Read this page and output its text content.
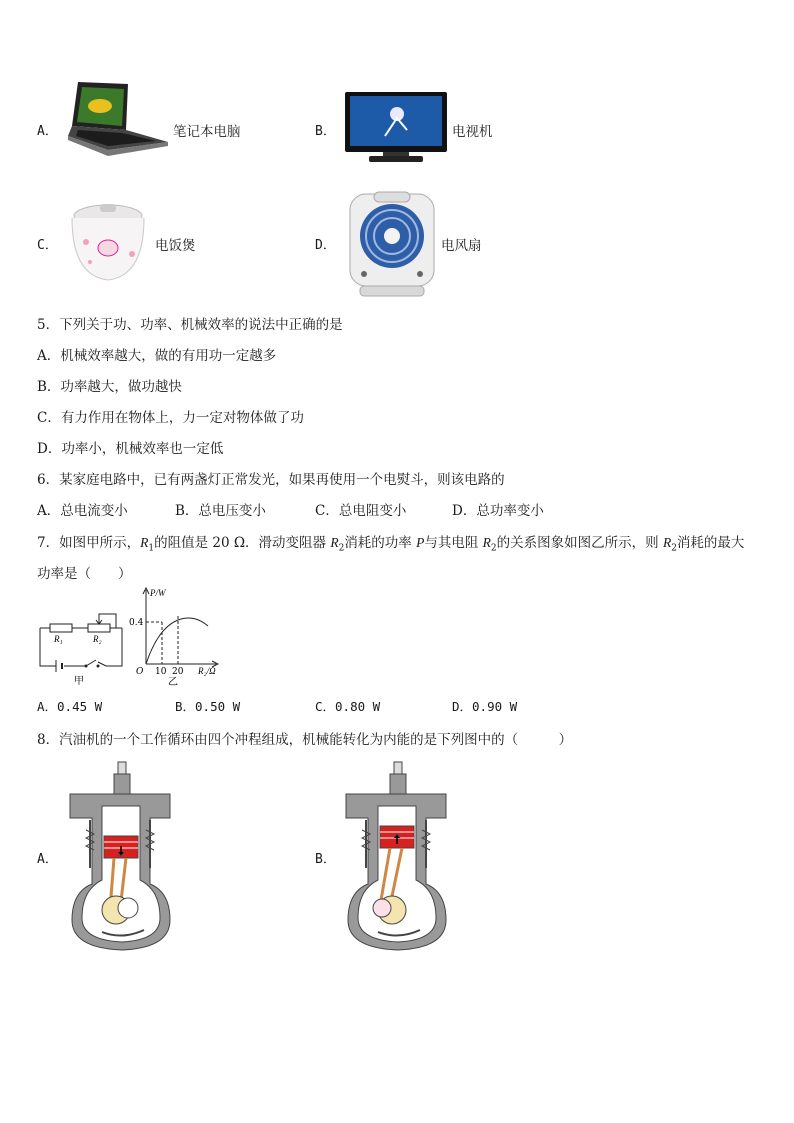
A．	笔记本电脑	B．	电视机
C．	电饭煲	D．	电风扇
5．下列关于功、功率、机械效率的说法中正确的是
A．机械效率越大，做的有用功一定越多
B．功率越大，做功越快
C．有力作用在物体上，力一定对物体做了功
D．功率小，机械效率也一定低
6．某家庭电路中，已有两盏灯正常发光，如果再使用一个电熨斗，则该电路的
A．总电流变小	B．总电压变小	C．总电阻变小	D．总功率变小
7．如图甲所示，$R_1$的阻值是 20 Ω．滑动变阻器 $R_2$消耗的功率 P与其电阻 $R_2$的关系图象如图乙所示，则 $R_2$消耗的最大
功率是（　　）
R₁	R₂
甲
P/W
0.4
O 10 20 R₂/Ω
乙
A．0.45 W	B．0.50 W	C．0.80 W	D．0.90 W
8．汽油机的一个工作循环由四个冲程组成，机械能转化为内能的是下列图中的（　　　）
A．	B．
